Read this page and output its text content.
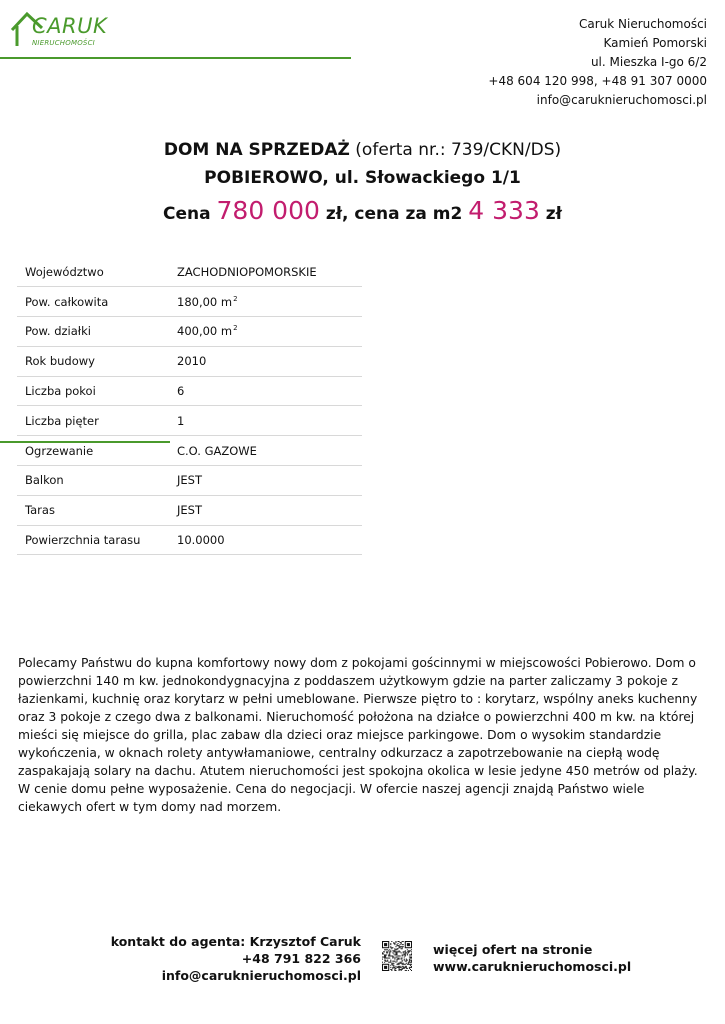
CARUK
NIERUCHOMOŚCI
Caruk Nieruchomości
Kamień Pomorski
ul. Mieszka I-go 6/2
+48 604 120 998, +48 91 307 0000
info@caruknieruchomosci.pl
DOM NA SPRZEDAŻ (oferta nr.: 739/CKN/DS)
POBIEROWO, ul. Słowackiego 1/1
Cena 780 000 zł, cena za m2 4 333 zł
Województwo	ZACHODNIOPOMORSKIE
Pow. całkowita	180,00 $m^2$
Pow. działki	400,00 $m^2$
Rok budowy	2010
Liczba pokoi	6
Liczba pięter	1
Ogrzewanie	C.O. GAZOWE
Balkon	JEST
Taras	JEST
Powierzchnia tarasu	10.0000
Polecamy Państwu do kupna komfortowy nowy dom z pokojami gościnnymi w miejscowości Pobierowo. Dom o powierzchni 140 m kw. jednokondygnacyjna z poddaszem użytkowym gdzie na parter zaliczamy 3 pokoje z łazienkami, kuchnię oraz korytarz w pełni umeblowane. Pierwsze piętro to : korytarz, wspólny aneks kuchenny oraz 3 pokoje z czego dwa z balkonami. Nieruchomość położona na działce o powierzchni 400 m kw. na której mieści się miejsce do grilla, plac zabaw dla dzieci oraz miejsce parkingowe. Dom o wysokim standardzie wykończenia, w oknach rolety antywłamaniowe, centralny odkurzacz a zapotrzebowanie na ciepłą wodę zaspakajają solary na dachu. Atutem nieruchomości jest spokojna okolica w lesie jedyne 450 metrów od plaży. W cenie domu pełne wyposażenie. Cena do negocjacji. W ofercie naszej agencji znajdą Państwo wiele ciekawych ofert w tym domy nad morzem.
kontakt do agenta: Krzysztof Caruk
+48 791 822 366
info@caruknieruchomosci.pl
więcej ofert na stronie
www.caruknieruchomosci.pl
